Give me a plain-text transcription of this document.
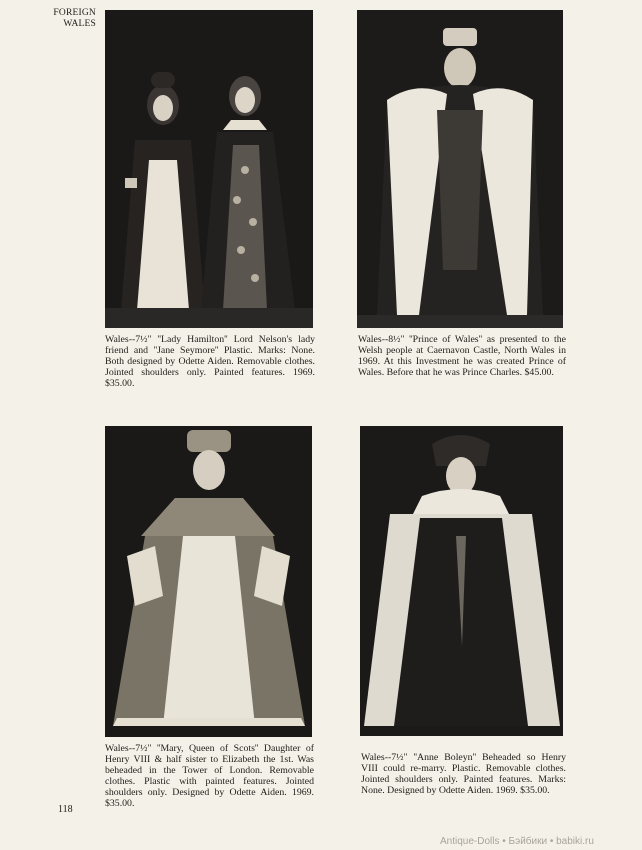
FOREIGN
WALES
Wales--7½" ''Lady Hamilton'' Lord Nelson's lady friend and ''Jane Seymore'' Plastic. Marks: None. Both designed by Odette Aiden. Removable clothes. Jointed shoulders only. Painted features. 1969. $35.00.
Wales--8½" ''Prince of Wales'' as presented to the Welsh people at Caernavon Castle, North Wales in 1969. At this Investment he was created Prince of Wales. Before that he was Prince Charles. $45.00.
Wales--7½" ''Mary, Queen of Scots'' Daughter of Henry VIII & half sister to Elizabeth the 1st. Was beheaded in the Tower of London. Removable clothes. Plastic with painted features. Jointed shoulders only. Designed by Odette Aiden. 1969. $35.00.
Wales--7½" ''Anne Boleyn'' Beheaded so Henry VIII could re-marry. Plastic. Removable clothes. Jointed shoulders only. Painted features. Marks: None. Designed by Odette Aiden. 1969. $35.00.
118
Antique-Dolls • Бэйбики • babiki.ru
